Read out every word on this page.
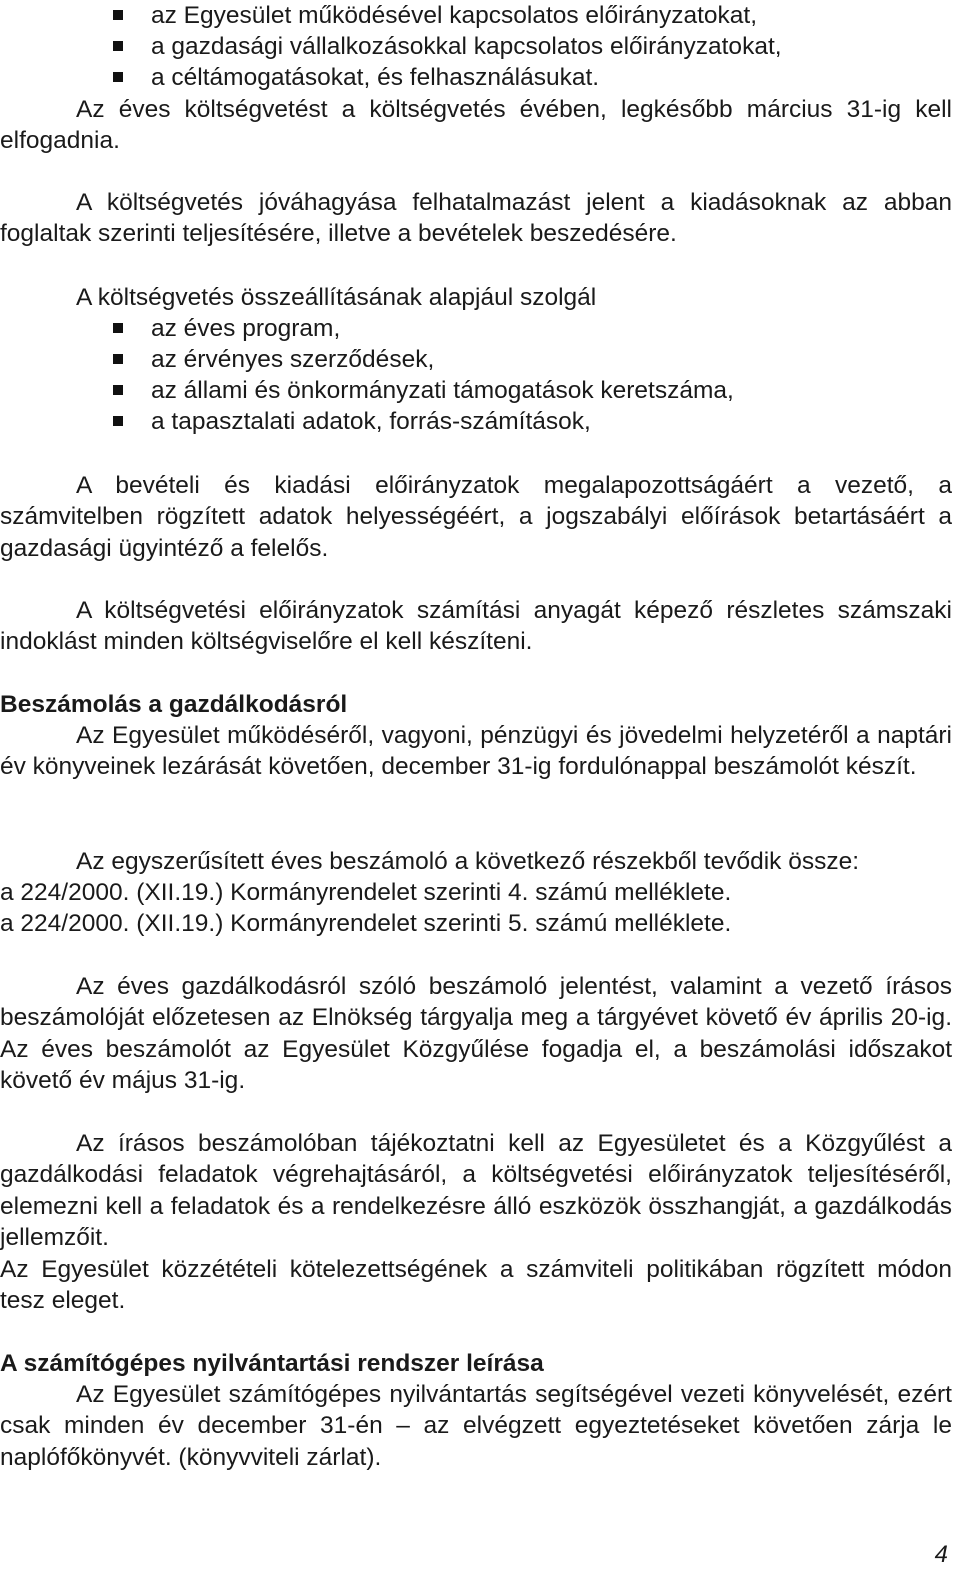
az Egyesület működésével kapcsolatos előirányzatokat,
a gazdasági vállalkozásokkal kapcsolatos előirányzatokat,
a céltámogatásokat, és felhasználásukat.
Az éves költségvetést a költségvetés évében, legkésőbb március 31-ig kell elfogadnia.
A költségvetés jóváhagyása felhatalmazást jelent a kiadásoknak az abban foglaltak szerinti teljesítésére, illetve a bevételek beszedésére.
A költségvetés összeállításának alapjául szolgál
az éves program,
az érvényes szerződések,
az állami és önkormányzati támogatások keretszáma,
a tapasztalati adatok, forrás-számítások,
A bevételi és kiadási előirányzatok megalapozottságáért a vezető, a számvitelben rögzített adatok helyességéért, a jogszabályi előírások betartásáért a gazdasági ügyintéző a felelős.
A költségvetési előirányzatok számítási anyagát képező részletes számszaki indoklást minden költségviselőre el kell készíteni.
Beszámolás a gazdálkodásról
Az Egyesület működéséről, vagyoni, pénzügyi és jövedelmi helyzetéről a naptári év könyveinek lezárását követően, december 31-ig fordulónappal beszámolót készít.
Az egyszerűsített éves beszámoló a következő részekből tevődik össze:
a 224/2000. (XII.19.) Kormányrendelet szerinti 4. számú melléklete.
a 224/2000. (XII.19.) Kormányrendelet szerinti 5. számú melléklete.
Az éves gazdálkodásról szóló beszámoló jelentést, valamint a vezető írásos beszámolóját előzetesen az Elnökség tárgyalja meg a tárgyévet követő év április 20-ig. Az éves beszámolót az Egyesület Közgyűlése fogadja el, a beszámolási időszakot követő év május 31-ig.
Az írásos beszámolóban tájékoztatni kell az Egyesületet és a Közgyűlést a gazdálkodási feladatok végrehajtásáról, a költségvetési előirányzatok teljesítéséről, elemezni kell a feladatok és a rendelkezésre álló eszközök összhangját, a gazdálkodás jellemzőit.
Az Egyesület közzétételi kötelezettségének a számviteli politikában rögzített módon tesz eleget.
A számítógépes nyilvántartási rendszer leírása
Az Egyesület számítógépes nyilvántartás segítségével vezeti könyvelését, ezért csak minden év december 31-én – az elvégzett egyeztetéseket követően zárja le naplófőkönyvét. (könyvviteli zárlat).
4
